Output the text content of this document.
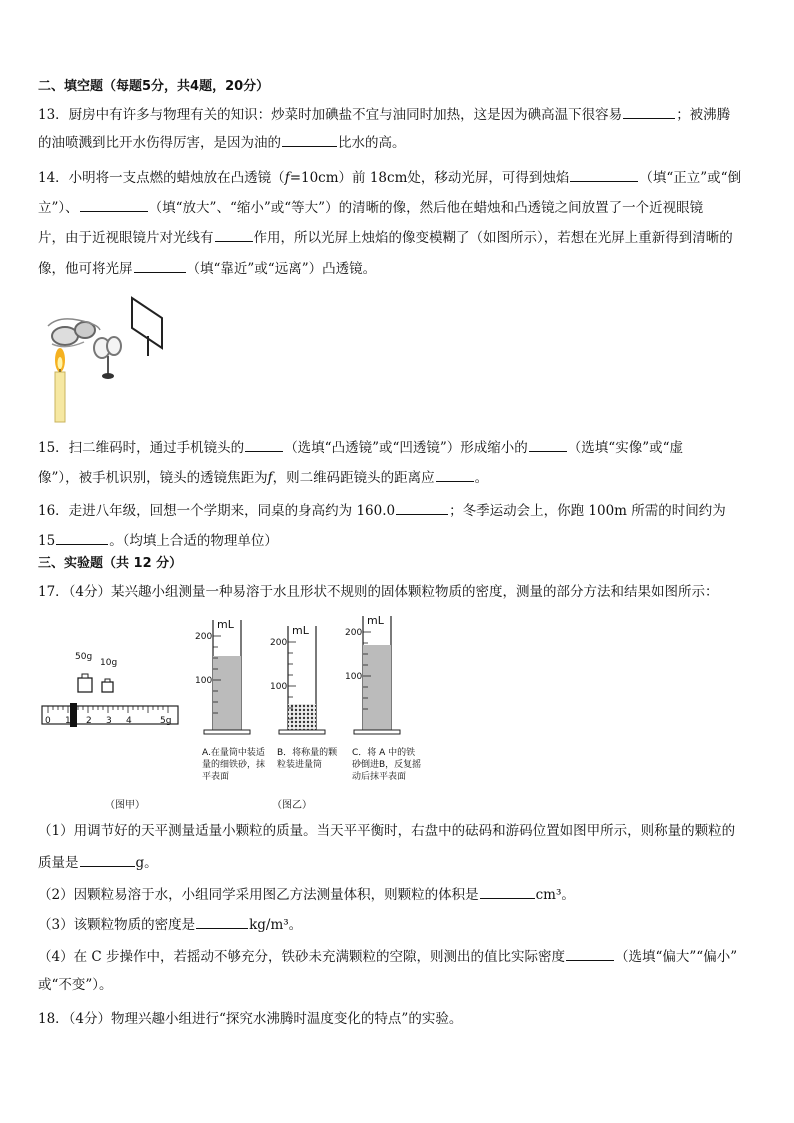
二、填空题（每题5分，共4题，20分）
13．厨房中有许多与物理有关的知识：炒菜时加碘盐不宜与油同时加热，这是因为碘高温下很容易	；被沸腾
的油喷溅到比开水伤得厉害，是因为油的	比水的高。
14．小明将一支点燃的蜡烛放在凸透镜（f=10cm）前 18cm处，移动光屏，可得到烛焰	（填“正立”或“倒
立”）、	（填“放大”、“缩小”或“等大”）的清晰的像，然后他在蜡烛和凸透镜之间放置了一个近视眼镜
片，由于近视眼镜片对光线有	作用，所以光屏上烛焰的像变模糊了（如图所示），若想在光屏上重新得到清晰的
像，他可将光屏	（填“靠近”或“远离”）凸透镜。
15．扫二维码时，通过手机镜头的	（选填“凸透镜”或“凹透镜”）形成缩小的	（选填“实像”或“虚
像”），被手机识别，镜头的透镜焦距为f，则二维码距镜头的距离应	。
16．走进八年级，回想一个学期来，同桌的身高约为 160.0	；冬季运动会上，你跑 100m 所需的时间约为
15	。（均填上合适的物理单位）
三、实验题（共 12 分）
17．（4分）某兴趣小组测量一种易溶于水且形状不规则的固体颗粒物质的密度，测量的部分方法和结果如图所示：
50g
10g
0 1 2 3 4	5g
（图甲）
mL	mL
mL
200
100
200
100
200
100
A.在量筒中装适量的细铁砂，抹平表面
B．将称量的颗粒装进量筒
C．将 A 中的铁砂倒进B，反复摇动后抹平表面
（图乙）
（1）用调节好的天平测量适量小颗粒的质量。当天平平衡时，右盘中的砝码和游码位置如图甲所示，则称量的颗粒的
质量是	g。
（2）因颗粒易溶于水，小组同学采用图乙方法测量体积，则颗粒的体积是	cm³。
（3）该颗粒物质的密度是	kg/m³。
（4）在 C 步操作中，若摇动不够充分，铁砂未充满颗粒的空隙，则测出的值比实际密度	（选填“偏大”“偏小”
或“不变”）。
18．（4分）物理兴趣小组进行“探究水沸腾时温度变化的特点”的实验。
